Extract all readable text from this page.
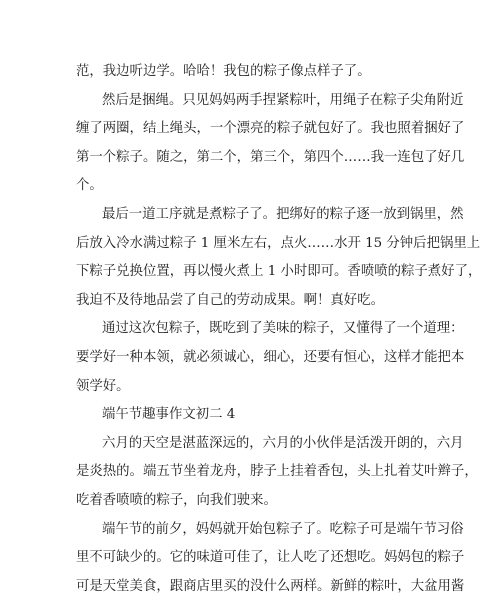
范，我边听边学。哈哈！我包的粽子像点样子了。
然后是捆绳。只见妈妈两手捏紧粽叶，用绳子在粽子尖角附近
缠了两圈，结上绳头，一个漂亮的粽子就包好了。我也照着捆好了
第一个粽子。随之，第二个，第三个，第四个……我一连包了好几
个。
最后一道工序就是煮粽子了。把绑好的粽子逐一放到锅里，然
后放入冷水满过粽子 1 厘米左右，点火……水开 15 分钟后把锅里上
下粽子兑换位置，再以慢火煮上 1 小时即可。香喷喷的粽子煮好了，
我迫不及待地品尝了自己的劳动成果。啊！真好吃。
通过这次包粽子，既吃到了美味的粽子，又懂得了一个道理：
要学好一种本领，就必须诚心，细心，还要有恒心，这样才能把本
领学好。
端午节趣事作文初二 4
六月的天空是湛蓝深远的，六月的小伙伴是活泼开朗的，六月
是炎热的。端五节坐着龙舟，脖子上挂着香包，头上扎着艾叶辫子，
吃着香喷喷的粽子，向我们驶来。
端午节的前夕，妈妈就开始包粽子了。吃粽子可是端午节习俗
里不可缺少的。它的味道可佳了，让人吃了还想吃。妈妈包的粽子
可是天堂美食，跟商店里买的没什么两样。新鲜的粽叶，大盆用酱
